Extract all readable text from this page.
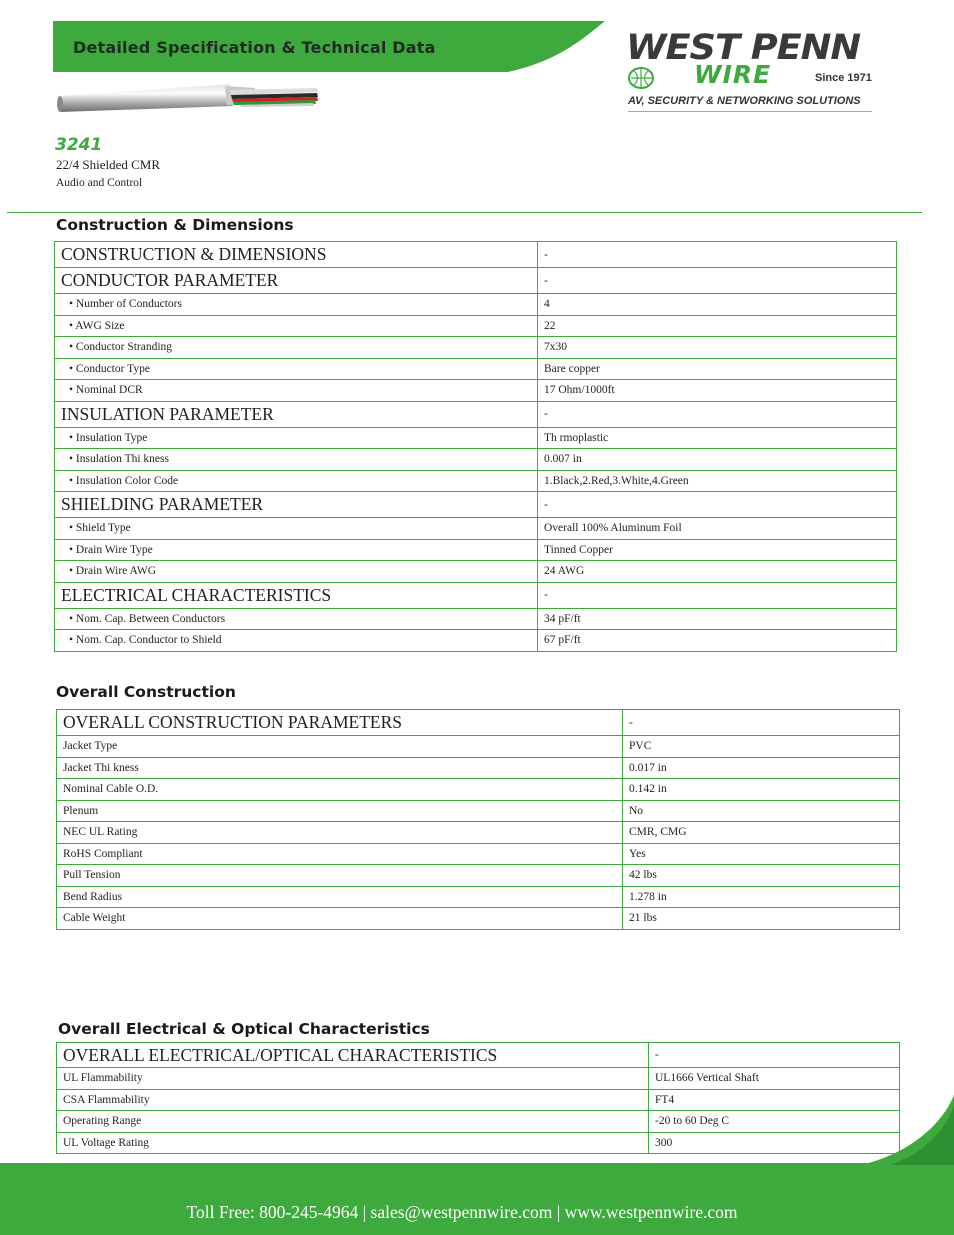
Detailed Specification & Technical Data	WEST PENN
WIRE	Since 1971
AV, SECURITY & NETWORKING SOLUTIONS
3241
22/4 Shielded CMR
Audio and Control
Construction & Dimensions
CONSTRUCTION & DIMENSIONS	-
CONDUCTOR PARAMETER	-
• Number of Conductors	4
• AWG Size	22
• Conductor Stranding	7x30
• Conductor Type	Bare copper
• Nominal DCR	17 Ohm/1000ft
INSULATION PARAMETER	-
• Insulation Type	Th rmoplastic
• Insulation Thi kness	0.007 in
• Insulation Color Code	1.Black,2.Red,3.White,4.Green
SHIELDING PARAMETER	-
• Shield Type	Overall 100% Aluminum Foil
• Drain Wire Type	Tinned Copper
• Drain Wire AWG	24 AWG
ELECTRICAL CHARACTERISTICS	-
• Nom. Cap. Between Conductors	34 pF/ft
• Nom. Cap. Conductor to Shield	67 pF/ft
Overall Construction
OVERALL CONSTRUCTION PARAMETERS	-
Jacket Type	PVC
Jacket Thi kness	0.017 in
Nominal Cable O.D.	0.142 in
Plenum	No
NEC UL Rating	CMR, CMG
RoHS Compliant	Yes
Pull Tension	42 lbs
Bend Radius	1.278 in
Cable Weight	21 lbs
Overall Electrical & Optical Characteristics
OVERALL ELECTRICAL/OPTICAL CHARACTERISTICS	-
UL Flammability	UL1666 Vertical Shaft
CSA Flammability	FT4
Operating Range	-20 to 60 Deg C
UL Voltage Rating	300
Toll Free: 800-245-4964 | sales@westpennwire.com | www.westpennwire.com
